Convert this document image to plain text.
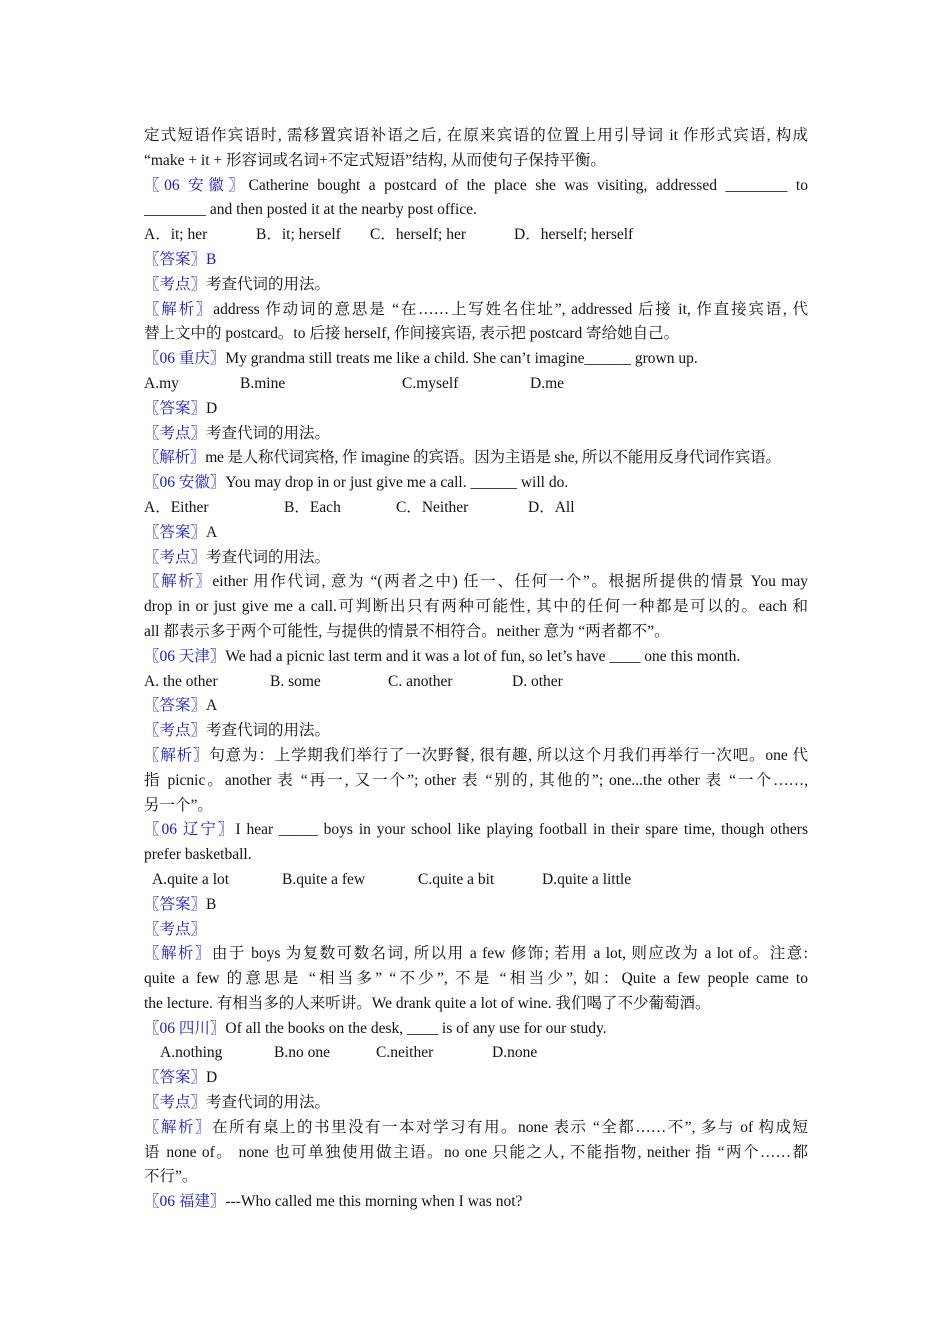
定式短语作宾语时, 需移置宾语补语之后, 在原来宾语的位置上用引导词 it 作形式宾语, 构成
“make + it + 形容词或名词+不定式短语”结构, 从而使句子保持平衡。
〖06 安徽〗Catherine bought a postcard of the place she was visiting, addressed ________ to
________ and then posted it at the nearby post office.
A．it; her	B．it; herself C．herself; her	D．herself; herself
〖答案〗B
〖考点〗考查代词的用法。
〖解析〗address 作动词的意思是 “在……上写姓名住址”, addressed 后接 it, 作直接宾语, 代
替上文中的 postcard。to 后接 herself, 作间接宾语, 表示把 postcard 寄给她自己。
〖06 重庆〗My grandma still treats me like a child. She can’t imagine______ grown up.
A.my	B.mine	C.myself	D.me
〖答案〗D
〖考点〗考查代词的用法。
〖解析〗me 是人称代词宾格, 作 imagine 的宾语。因为主语是 she, 所以不能用反身代词作宾语。
〖06 安徽〗You may drop in or just give me a call. ______ will do.
A．Either	B．Each	C．Neither	D．All
〖答案〗A
〖考点〗考查代词的用法。
〖解析〗either 用作代词, 意为 “(两者之中) 任一、任何一个”。根据所提供的情景 You may
drop in or just give me a call.可判断出只有两种可能性, 其中的任何一种都是可以的。each 和
all 都表示多于两个可能性, 与提供的情景不相符合。neither 意为 “两者都不”。
〖06 天津〗We had a picnic last term and it was a lot of fun, so let’s have ____ one this month.
A. the other	B. some	C. another	D. other
〖答案〗A
〖考点〗考查代词的用法。
〖解析〗句意为：上学期我们举行了一次野餐, 很有趣, 所以这个月我们再举行一次吧。one 代
指 picnic。another 表 “再一, 又一个”; other 表 “别的, 其他的”; one...the other 表 “一个……,
另一个”。
〖06 辽宁〗I hear _____ boys in your school like playing football in their spare time, though others
prefer basketball.
A.quite a lot	B.quite a few	C.quite a bit	D.quite a little
〖答案〗B
〖考点〗
〖解析〗由于 boys 为复数可数名词, 所以用 a few 修饰; 若用 a lot, 则应改为 a lot of。注意:
quite a few 的意思是 “相当多” “不少”, 不是 “相当少”, 如：Quite a few people came to
the lecture. 有相当多的人来听讲。We drank quite a lot of wine. 我们喝了不少葡萄酒。
〖06 四川〗Of all the books on the desk, ____ is of any use for our study.
A.nothing	B.no one	C.neither	D.none
〖答案〗D
〖考点〗考查代词的用法。
〖解析〗在所有桌上的书里没有一本对学习有用。none 表示 “全都……不”, 多与 of 构成短
语 none of。 none 也可单独使用做主语。no one 只能之人, 不能指物, neither 指 “两个……都
不行”。
〖06 福建〗---Who called me this morning when I was not?
